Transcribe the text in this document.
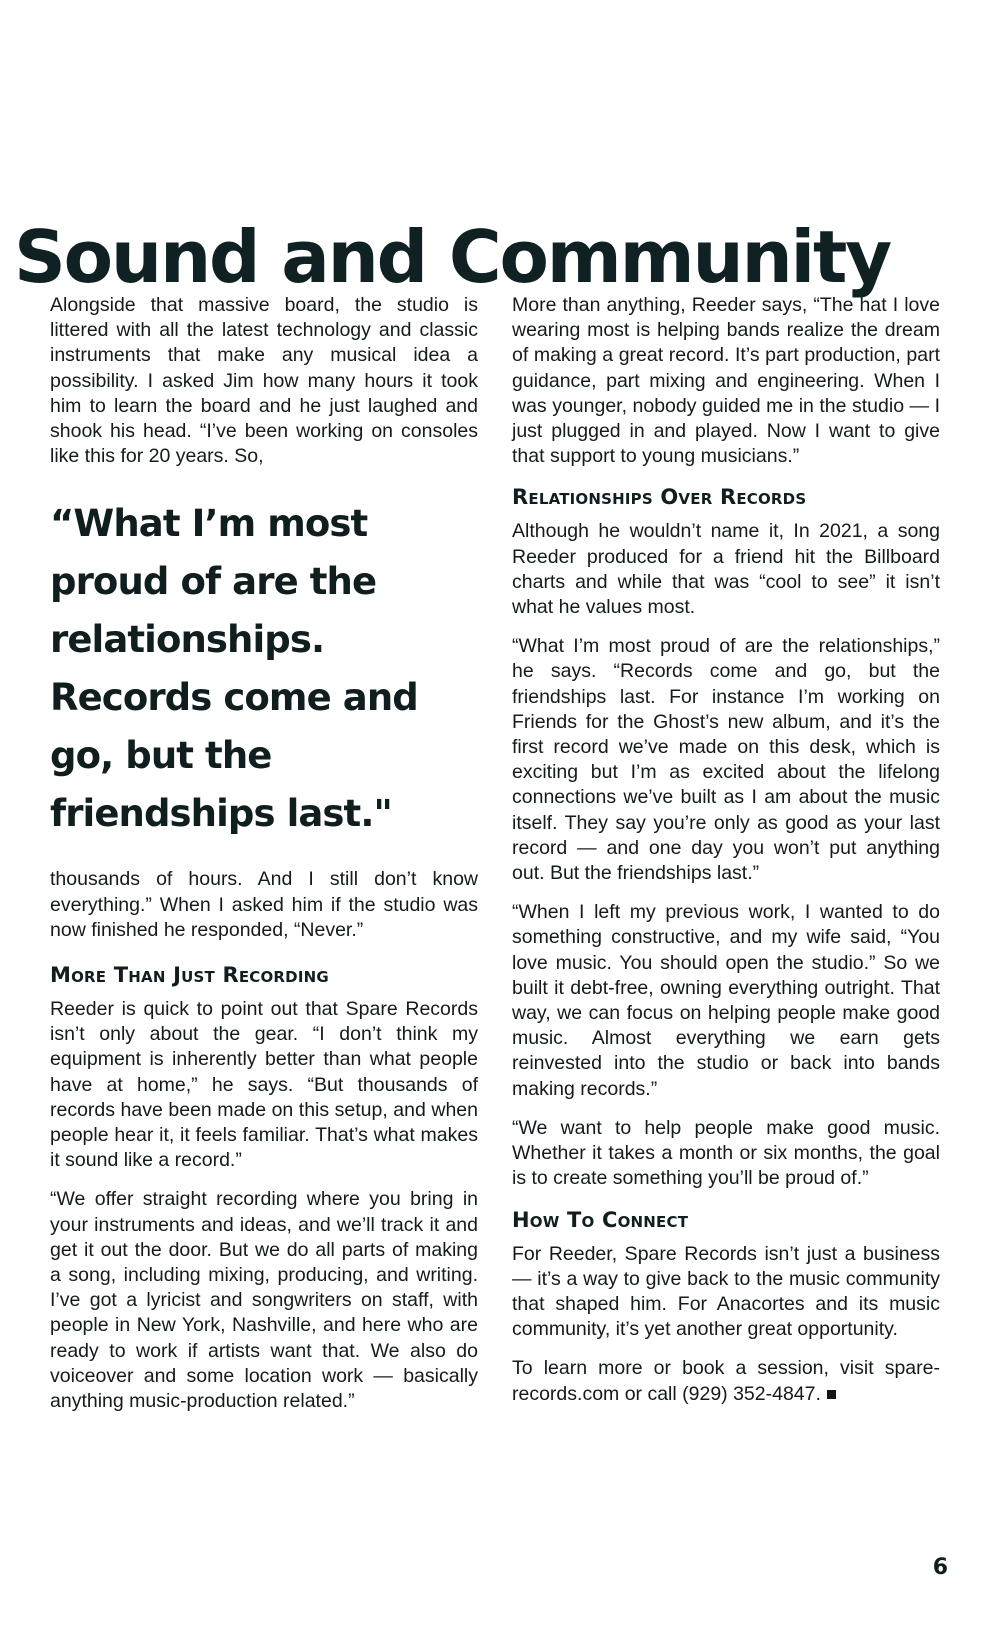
Sound and Community

Alongside that massive board, the studio is littered with all the latest technology and classic instruments that make any musical idea a possibility. I asked Jim how many hours it took him to learn the board and he just laughed and shook his head. “I’ve been working on consoles like this for 20 years. So,

“What I’m most proud of are the relationships. Records come and go, but the friendships last."

thousands of hours. And I still don’t know everything.” When I asked him if the studio was now finished he responded, “Never.”

More Than Just Recording

Reeder is quick to point out that Spare Records isn’t only about the gear. “I don’t think my equipment is inherently better than what people have at home,” he says. “But thousands of records have been made on this setup, and when people hear it, it feels familiar. That’s what makes it sound like a record.”

“We offer straight recording where you bring in your instruments and ideas, and we’ll track it and get it out the door. But we do all parts of making a song, including mixing, producing, and writing. I’ve got a lyricist and songwriters on staff, with people in New York, Nashville, and here who are ready to work if artists want that. We also do voiceover and some location work — basically anything music-production related.”

More than anything, Reeder says, “The hat I love wearing most is helping bands realize the dream of making a great record. It’s part production, part guidance, part mixing and engineering. When I was younger, nobody guided me in the studio — I just plugged in and played. Now I want to give that support to young musicians.”

Relationships Over Records

Although he wouldn’t name it, In 2021, a song Reeder produced for a friend hit the Billboard charts and while that was “cool to see” it isn’t what he values most.

“What I’m most proud of are the relationships,” he says. “Records come and go, but the friendships last. For instance I’m working on Friends for the Ghost’s new album, and it’s the first record we’ve made on this desk, which is exciting but I’m as excited about the lifelong connections we’ve built as I am about the music itself. They say you’re only as good as your last record — and one day you won’t put anything out. But the friendships last.”

“When I left my previous work, I wanted to do something constructive, and my wife said, “You love music. You should open the studio.” So we built it debt-free, owning everything outright. That way, we can focus on helping people make good music. Almost everything we earn gets reinvested into the studio or back into bands making records.”

“We want to help people make good music. Whether it takes a month or six months, the goal is to create something you’ll be proud of.”

How To Connect

For Reeder, Spare Records isn’t just a business — it’s a way to give back to the music community that shaped him. For Anacortes and its music community, it’s yet another great opportunity.

To learn more or book a session, visit spare-records.com or call (929) 352-4847.

6
